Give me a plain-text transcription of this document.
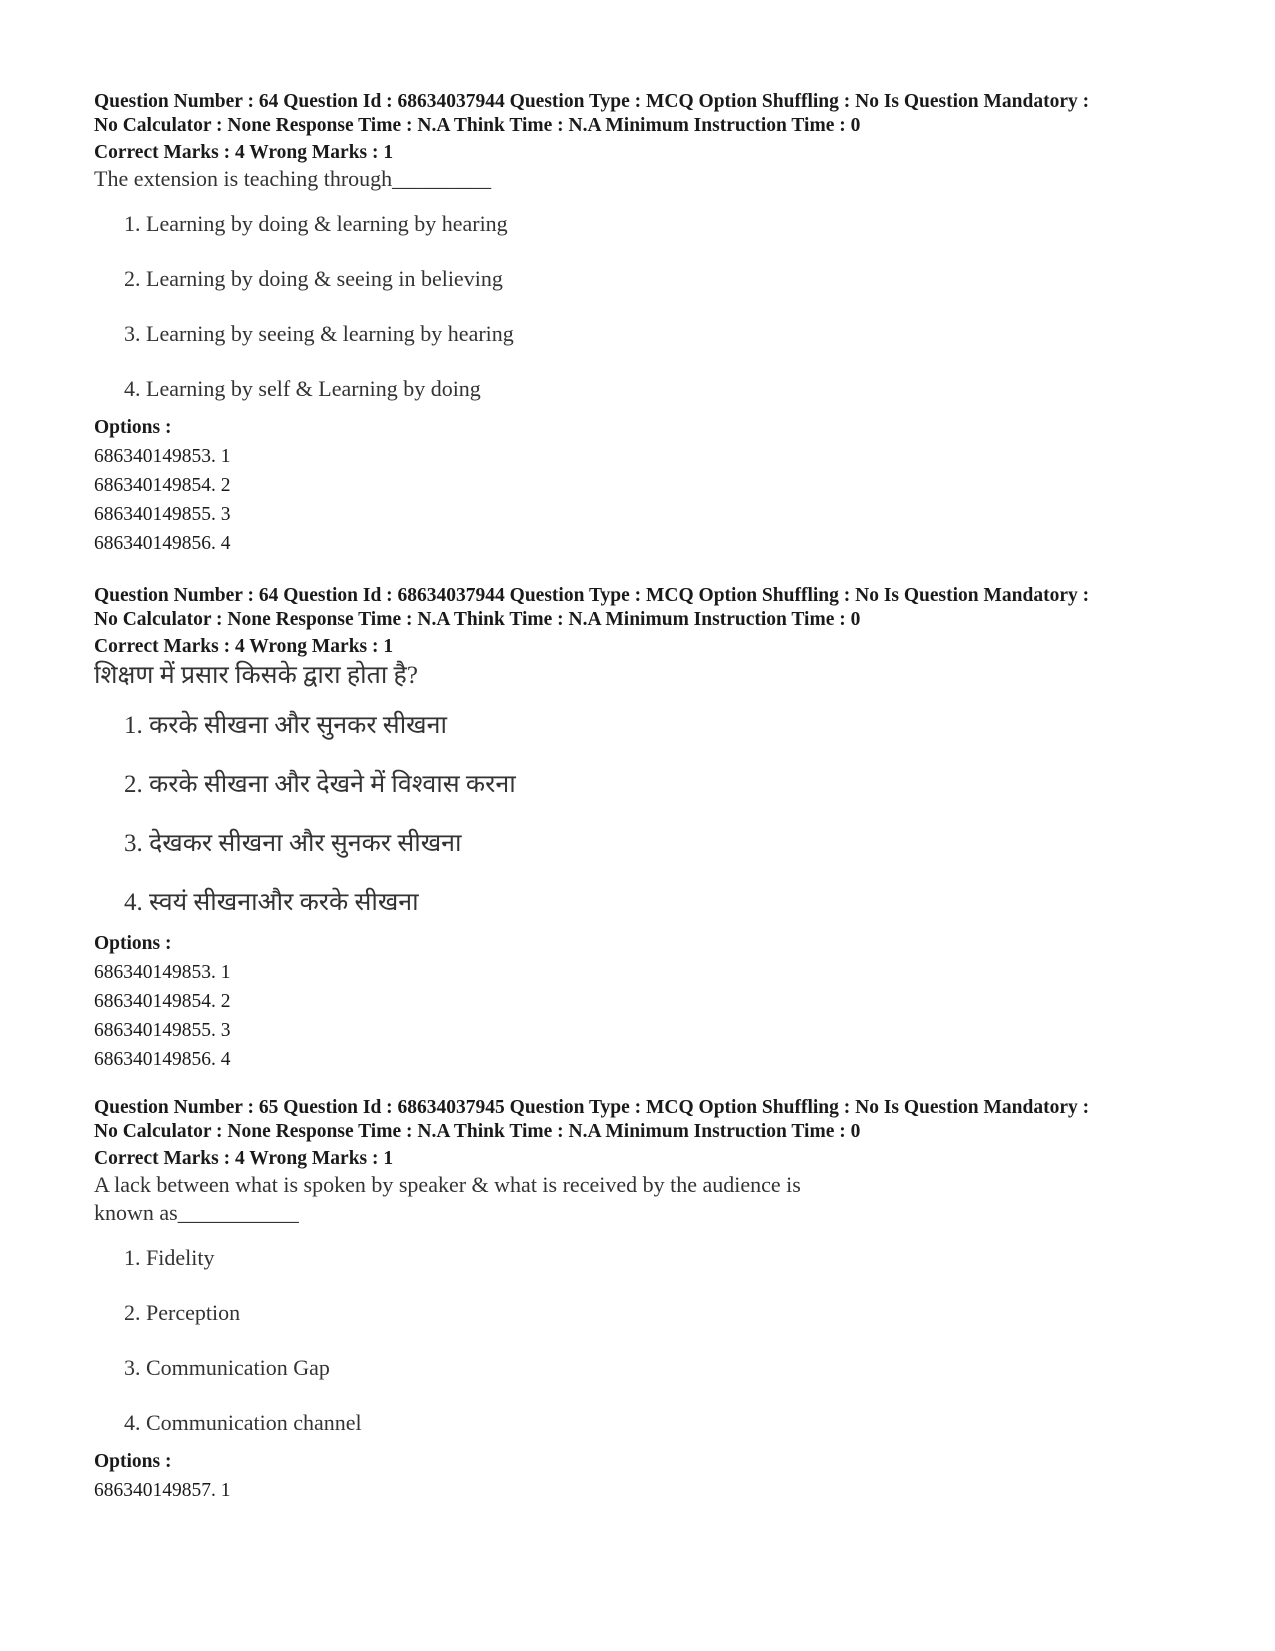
Question Number : 64 Question Id : 68634037944 Question Type : MCQ Option Shuffling : No Is Question Mandatory :

No Calculator : None Response Time : N.A Think Time : N.A Minimum Instruction Time : 0

Correct Marks : 4 Wrong Marks : 1

The extension is teaching through_________

1. Learning by doing & learning by hearing
2. Learning by doing & seeing in believing
3. Learning by seeing & learning by hearing
4. Learning by self & Learning by doing

Options :

686340149853. 1
686340149854. 2
686340149855. 3
686340149856. 4

Question Number : 64 Question Id : 68634037944 Question Type : MCQ Option Shuffling : No Is Question Mandatory :

No Calculator : None Response Time : N.A Think Time : N.A Minimum Instruction Time : 0

Correct Marks : 4 Wrong Marks : 1

शिक्षण में प्रसार किसके द्वारा होता है?

1. करके सीखना और सुनकर सीखना
2. करके सीखना और देखने में विश्वास करना
3. देखकर सीखना और सुनकर सीखना
4. स्वयं सीखनाऔर करके सीखना

Options :

686340149853. 1
686340149854. 2
686340149855. 3
686340149856. 4

Question Number : 65 Question Id : 68634037945 Question Type : MCQ Option Shuffling : No Is Question Mandatory :

No Calculator : None Response Time : N.A Think Time : N.A Minimum Instruction Time : 0

Correct Marks : 4 Wrong Marks : 1

A lack between what is spoken by speaker & what is received by the audience is

known as___________

1. Fidelity
2. Perception
3. Communication Gap
4. Communication channel

Options :

686340149857. 1
